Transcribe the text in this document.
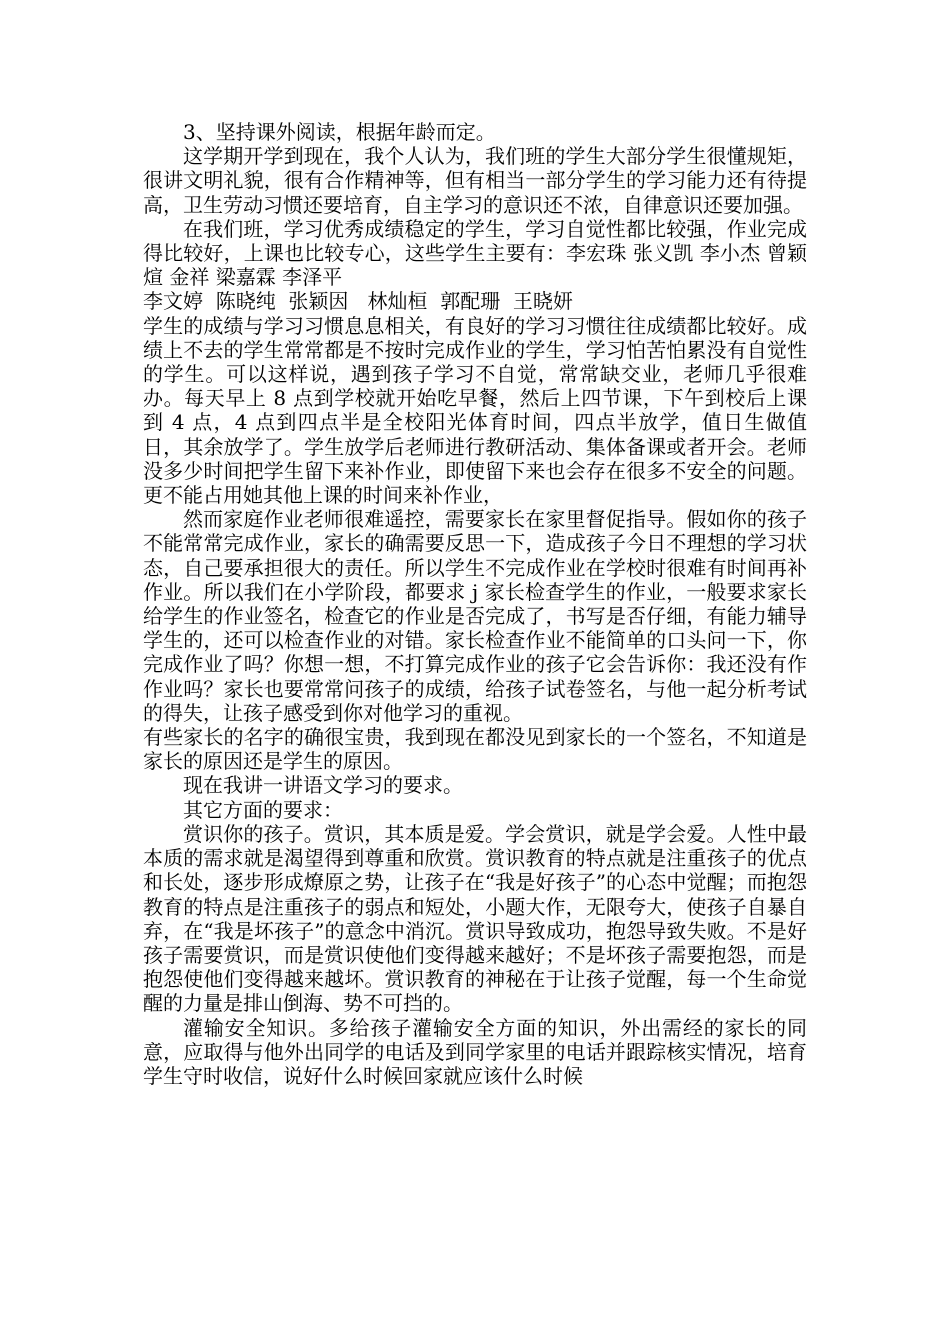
3、坚持课外阅读，根据年龄而定。

这学期开学到现在，我个人认为，我们班的学生大部分学生很懂规矩，很讲文明礼貌，很有合作精神等，但有相当一部分学生的学习能力还有待提高，卫生劳动习惯还要培育，自主学习的意识还不浓，自律意识还要加强。

在我们班，学习优秀成绩稳定的学生，学习自觉性都比较强，作业完成得比较好，上课也比较专心，这些学生主要有：李宏珠 张义凯 李小杰 曾颖煊 金祥 梁嘉霖 李泽平

李文婷  陈晓纯  张颖因   林灿桓  郭配珊  王晓妍

学生的成绩与学习习惯息息相关，有良好的学习习惯往往成绩都比较好。成绩上不去的学生常常都是不按时完成作业的学生，学习怕苦怕累没有自觉性的学生。可以这样说，遇到孩子学习不自觉，常常缺交业，老师几乎很难办。每天早上 8 点到学校就开始吃早餐，然后上四节课，下午到校后上课到 4 点，4 点到四点半是全校阳光体育时间，四点半放学，值日生做值日，其余放学了。学生放学后老师进行教研活动、集体备课或者开会。老师没多少时间把学生留下来补作业，即使留下来也会存在很多不安全的问题。更不能占用她其他上课的时间来补作业，

然而家庭作业老师很难遥控，需要家长在家里督促指导。假如你的孩子不能常常完成作业，家长的确需要反思一下，造成孩子今日不理想的学习状态，自己要承担很大的责任。所以学生不完成作业在学校时很难有时间再补作业。所以我们在小学阶段，都要求 j 家长检查学生的作业，一般要求家长给学生的作业签名，检查它的作业是否完成了，书写是否仔细，有能力辅导学生的，还可以检查作业的对错。家长检查作业不能简单的口头问一下，你完成作业了吗？你想一想，不打算完成作业的孩子它会告诉你：我还没有作作业吗？家长也要常常问孩子的成绩，给孩子试卷签名，与他一起分析考试的得失，让孩子感受到你对他学习的重视。

有些家长的名字的确很宝贵，我到现在都没见到家长的一个签名，不知道是家长的原因还是学生的原因。

现在我讲一讲语文学习的要求。

其它方面的要求：

赏识你的孩子。赏识，其本质是爱。学会赏识，就是学会爱。人性中最本质的需求就是渴望得到尊重和欣赏。赏识教育的特点就是注重孩子的优点和长处，逐步形成燎原之势，让孩子在“我是好孩子”的心态中觉醒；而抱怨教育的特点是注重孩子的弱点和短处，小题大作，无限夸大，使孩子自暴自弃，在“我是坏孩子”的意念中消沉。赏识导致成功，抱怨导致失败。不是好孩子需要赏识，而是赏识使他们变得越来越好；不是坏孩子需要抱怨，而是抱怨使他们变得越来越坏。赏识教育的神秘在于让孩子觉醒，每一个生命觉醒的力量是排山倒海、势不可挡的。

灌输安全知识。多给孩子灌输安全方面的知识，外出需经的家长的同意，应取得与他外出同学的电话及到同学家里的电话并跟踪核实情况，培育学生守时收信，说好什么时候回家就应该什么时候
